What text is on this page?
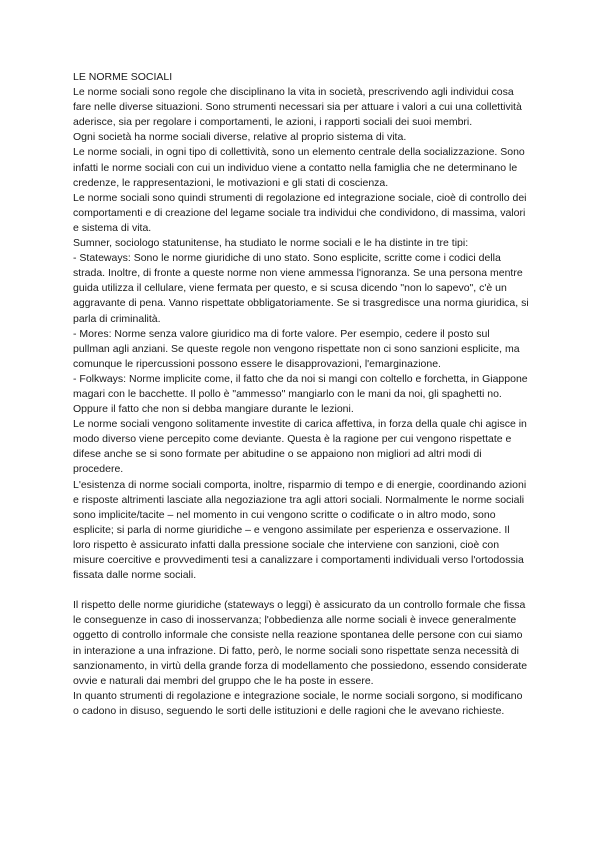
LE NORME SOCIALI

Le norme sociali sono regole che disciplinano la vita in società, prescrivendo agli individui cosa fare nelle diverse situazioni. Sono strumenti necessari sia per attuare i valori a cui una collettività aderisce, sia per regolare i comportamenti, le azioni, i rapporti sociali dei suoi membri.

Ogni società ha norme sociali diverse, relative al proprio sistema di vita.

Le norme sociali, in ogni tipo di collettività, sono un elemento centrale della socializzazione. Sono infatti le norme sociali con cui un individuo viene a contatto nella famiglia che ne determinano le credenze, le rappresentazioni, le motivazioni e gli stati di coscienza.

Le norme sociali sono quindi strumenti di regolazione ed integrazione sociale, cioè di controllo dei comportamenti e di creazione del legame sociale tra individui che condividono, di massima, valori e sistema di vita.

Sumner, sociologo statunitense, ha studiato le norme sociali e le ha distinte in tre tipi:

- Stateways: Sono le norme giuridiche di uno stato. Sono esplicite, scritte come i codici della strada. Inoltre, di fronte a queste norme non viene ammessa l'ignoranza. Se una persona mentre guida utilizza il cellulare, viene fermata per questo, e si scusa dicendo "non lo sapevo", c'è un aggravante di pena. Vanno rispettate obbligatoriamente. Se si trasgredisce una norma giuridica, si parla di criminalità.

- Mores: Norme senza valore giuridico ma di forte valore. Per esempio, cedere il posto sul pullman agli anziani. Se queste regole non vengono rispettate non ci sono sanzioni esplicite, ma comunque le ripercussioni possono essere le disapprovazioni, l'emarginazione.

- Folkways: Norme implicite come, il fatto che da noi si mangi con coltello e forchetta, in Giappone magari con le bacchette. Il pollo è "ammesso" mangiarlo con le mani da noi, gli spaghetti no. Oppure il fatto che non si debba mangiare durante le lezioni.

Le norme sociali vengono solitamente investite di carica affettiva, in forza della quale chi agisce in modo diverso viene percepito come deviante. Questa è la ragione per cui vengono rispettate e difese anche se si sono formate per abitudine o se appaiono non migliori ad altri modi di procedere.

L'esistenza di norme sociali comporta, inoltre, risparmio di tempo e di energie, coordinando azioni e risposte altrimenti lasciate alla negoziazione tra agli attori sociali. Normalmente le norme sociali sono implicite/tacite – nel momento in cui vengono scritte o codificate o in altro modo, sono esplicite; si parla di norme giuridiche – e vengono assimilate per esperienza e osservazione. Il loro rispetto è assicurato infatti dalla pressione sociale che interviene con sanzioni, cioè con misure coercitive e provvedimenti tesi a canalizzare i comportamenti individuali verso l'ortodossia fissata dalle norme sociali.

Il rispetto delle norme giuridiche (stateways o leggi) è assicurato da un controllo formale che fissa le conseguenze in caso di inosservanza; l'obbedienza alle norme sociali è invece generalmente oggetto di controllo informale che consiste nella reazione spontanea delle persone con cui siamo in interazione a una infrazione. Di fatto, però, le norme sociali sono rispettate senza necessità di sanzionamento, in virtù della grande forza di modellamento che possiedono, essendo considerate ovvie e naturali dai membri del gruppo che le ha poste in essere.

In quanto strumenti di regolazione e integrazione sociale, le norme sociali sorgono, si modificano o cadono in disuso, seguendo le sorti delle istituzioni e delle ragioni che le avevano richieste.
